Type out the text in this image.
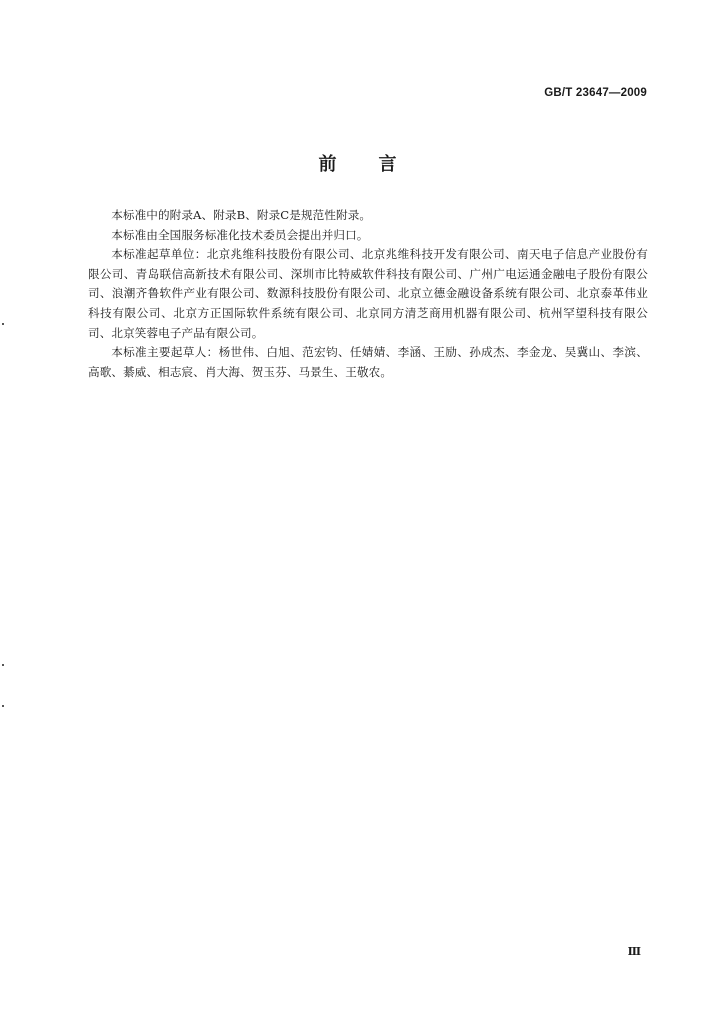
GB/T 23647—2009
前言

本标准中的附录A、附录B、附录C是规范性附录。

本标准由全国服务标准化技术委员会提出并归口。

本标准起草单位：北京兆维科技股份有限公司、北京兆维科技开发有限公司、南天电子信息产业股份有限公司、青岛联信高新技术有限公司、深圳市比特威软件科技有限公司、广州广电运通金融电子股份有限公司、浪潮齐鲁软件产业有限公司、数源科技股份有限公司、北京立德金融设备系统有限公司、北京泰革伟业科技有限公司、北京方正国际软件系统有限公司、北京同方清芝商用机器有限公司、杭州罕望科技有限公司、北京笑蓉电子产品有限公司。

本标准主要起草人：杨世伟、白旭、范宏钧、任婧婧、李涵、王励、孙成杰、李金龙、吴冀山、李滨、高歌、綦威、相志宸、肖大海、贺玉芬、马景生、王敬农。

Ⅲ
